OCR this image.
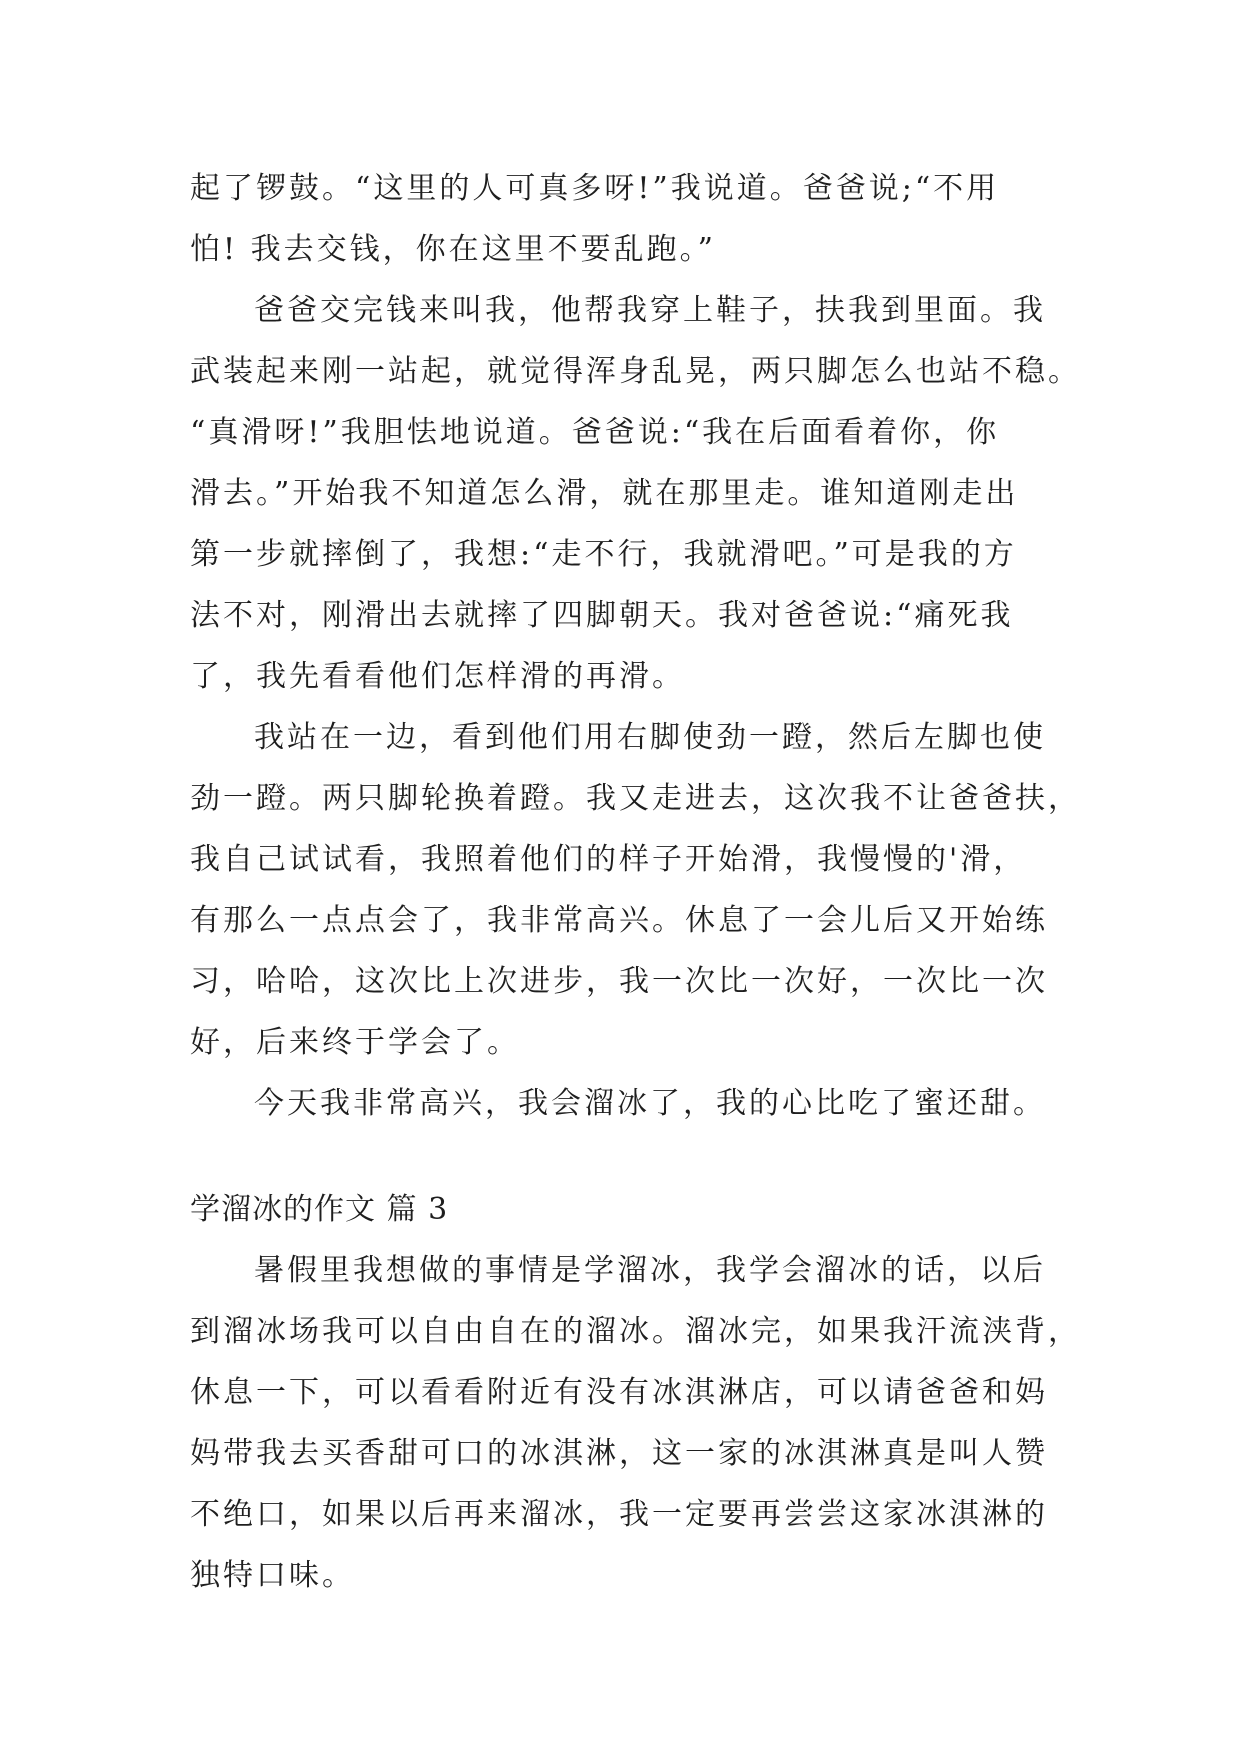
起了锣鼓。“这里的人可真多呀!”我说道。爸爸说;“不用
怕! 我去交钱，你在这里不要乱跑。”
爸爸交完钱来叫我，他帮我穿上鞋子，扶我到里面。我
武装起来刚一站起，就觉得浑身乱晃，两只脚怎么也站不稳。
“真滑呀!”我胆怯地说道。爸爸说:“我在后面看着你，你
滑去。”开始我不知道怎么滑，就在那里走。谁知道刚走出
第一步就摔倒了，我想:“走不行，我就滑吧。”可是我的方
法不对，刚滑出去就摔了四脚朝天。我对爸爸说:“痛死我
了，我先看看他们怎样滑的再滑。
我站在一边，看到他们用右脚使劲一蹬，然后左脚也使
劲一蹬。两只脚轮换着蹬。我又走进去，这次我不让爸爸扶，
我自己试试看，我照着他们的样子开始滑，我慢慢的'滑，
有那么一点点会了，我非常高兴。休息了一会儿后又开始练
习，哈哈，这次比上次进步，我一次比一次好，一次比一次
好，后来终于学会了。
今天我非常高兴，我会溜冰了，我的心比吃了蜜还甜。
学溜冰的作文 篇 3
暑假里我想做的事情是学溜冰，我学会溜冰的话，以后
到溜冰场我可以自由自在的溜冰。溜冰完，如果我汗流浃背，
休息一下，可以看看附近有没有冰淇淋店，可以请爸爸和妈
妈带我去买香甜可口的冰淇淋，这一家的冰淇淋真是叫人赞
不绝口，如果以后再来溜冰，我一定要再尝尝这家冰淇淋的
独特口味。
